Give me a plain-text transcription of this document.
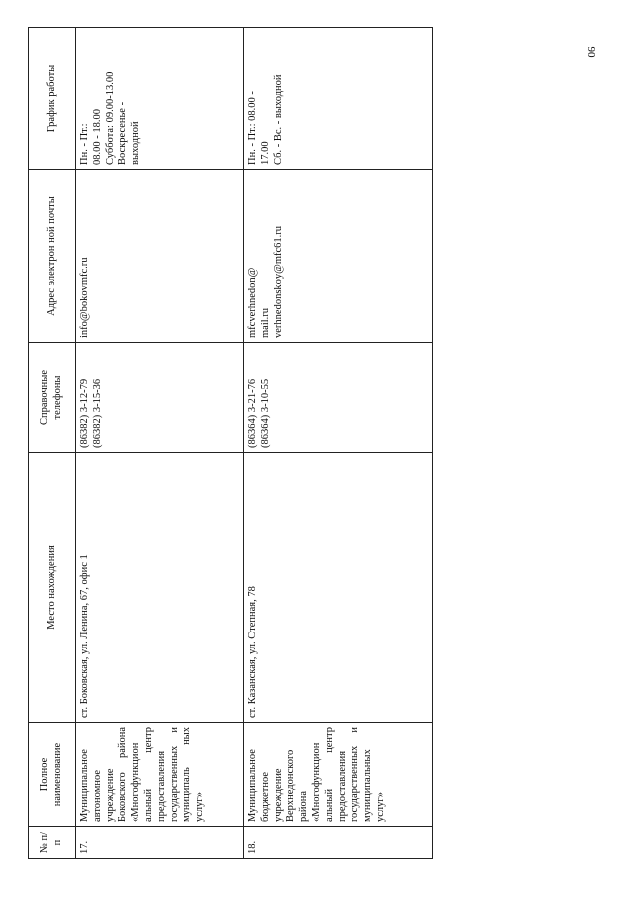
90
№ п/п	Полное наименование	Место нахождения	Справочные телефоны	Адрес электрон ной почты	График работы
17.	Муниципальное автономное учреждение Боковского района «Многофункцион альный центр предоставления государственных и муниципаль ных услуг»	ст. Боковская, ул. Ленина, 67, офис 1	(86382) 3-12-79 (86382) 3-15-36	info@bokovmfc.ru	Пн. - Пт.: 08.00 - 18.00 Суббота: 09.00-13.00 Воскресенье - выходной

18.	Муниципальное бюджетное учреждение Верхнедонского района «Многофункцион альный центр предоставления государственных и муниципальных услуг»	ст. Казанская, ул. Степная, 78	(86364) 3-21-76 (86364) 3-10-55	mfcverhnedon@ mail.ru verhnedonskoy@mfc61.ru	Пн. - Пт.: 08.00 - 17.00 Сб. - Вс. - выходной
